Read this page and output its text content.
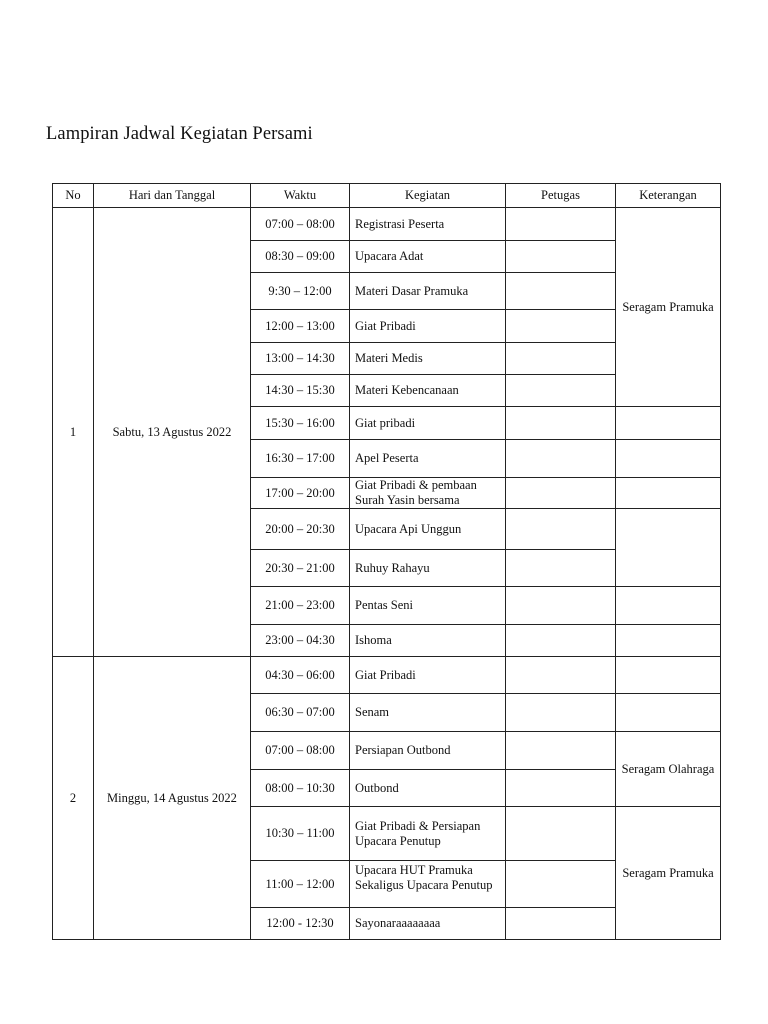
Lampiran Jadwal Kegiatan Persami
No	Hari dan Tanggal	Waktu	Kegiatan	Petugas	Keterangan
1	Sabtu, 13 Agustus 2022	07:00 – 08:00	Registrasi Peserta		Seragam Pramuka
		08:30 – 09:00	Upacara Adat		
		9:30 – 12:00	Materi Dasar Pramuka		
		12:00 – 13:00	Giat Pribadi		
		13:00 – 14:30	Materi Medis		
		14:30 – 15:30	Materi Kebencanaan		
		15:30 – 16:00	Giat pribadi		
		16:30 – 17:00	Apel Peserta		
		17:00 – 20:00	Giat Pribadi & pembaan Surah Yasin bersama		
		20:00 – 20:30	Upacara Api Unggun		
		20:30 – 21:00	Ruhuy Rahayu		
		21:00 – 23:00	Pentas Seni		
		23:00 – 04:30	Ishoma		
2	Minggu, 14 Agustus 2022	04:30 – 06:00	Giat Pribadi		
		06:30 – 07:00	Senam		
		07:00 – 08:00	Persiapan Outbond		Seragam Olahraga
		08:00 – 10:30	Outbond		
		10:30 – 11:00	Giat Pribadi & Persiapan Upacara Penutup		Seragam Pramuka
		11:00 – 12:00	Upacara HUT Pramuka Sekaligus Upacara Penutup		
		12:00 - 12:30	Sayonaraaaaaaaa		
